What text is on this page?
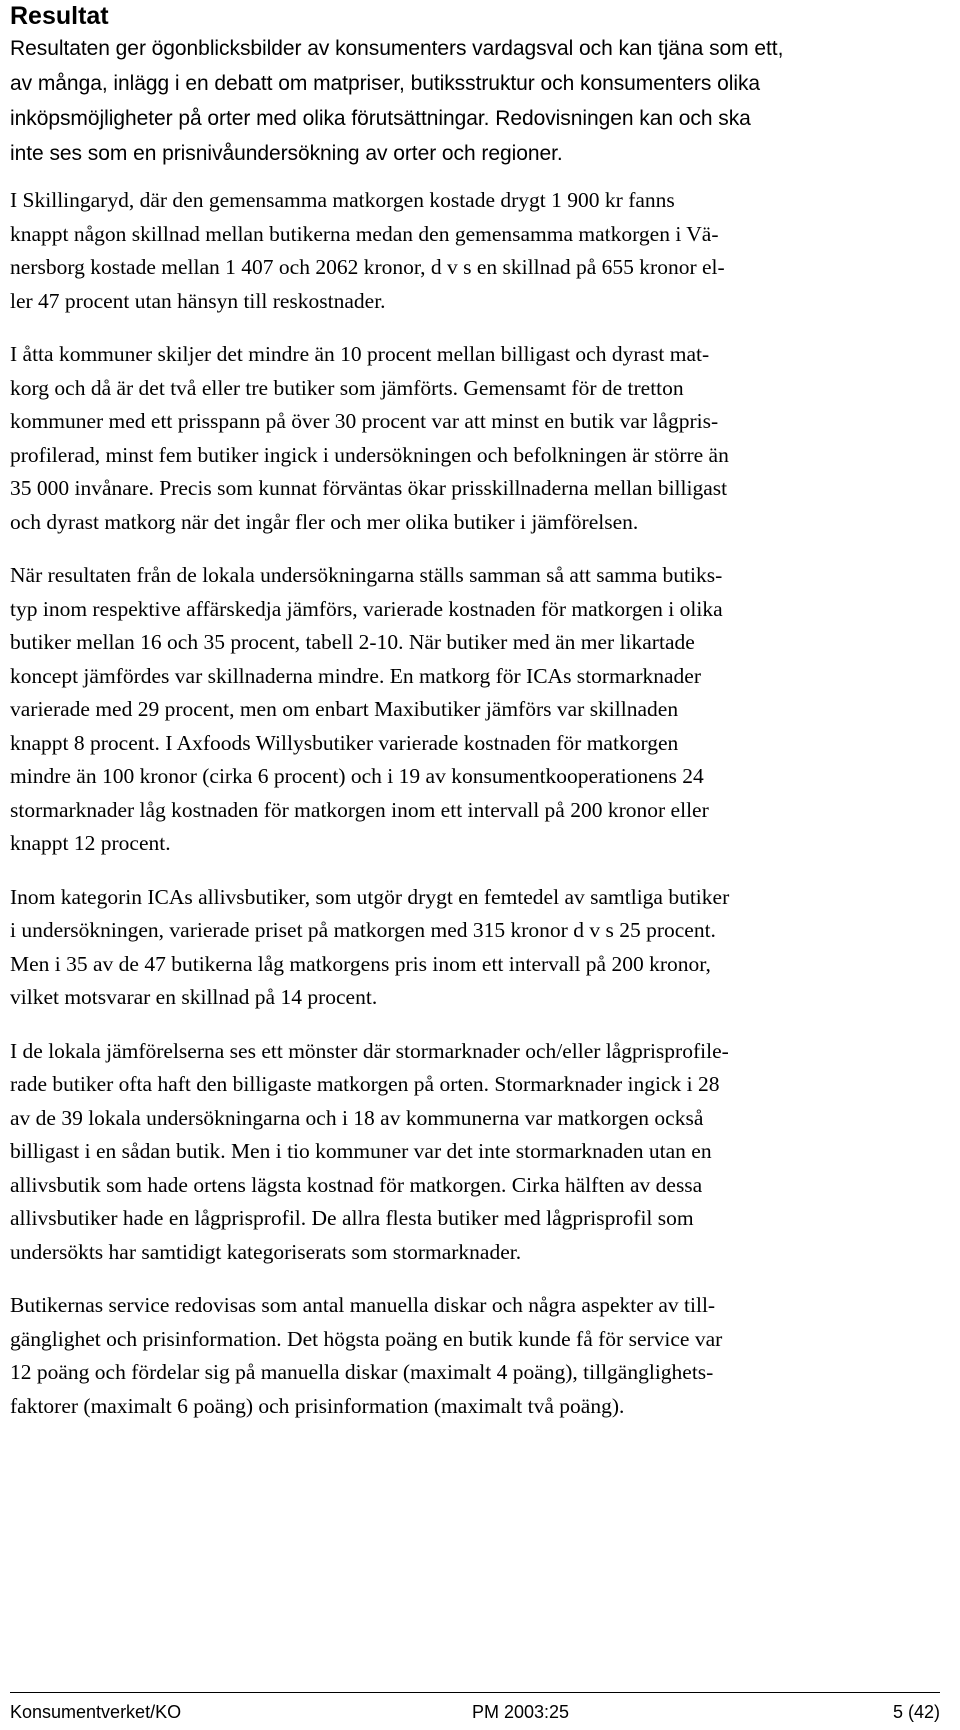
Resultat

Resultaten ger ögonblicksbilder av konsumenters vardagsval och kan tjäna som ett,
av många, inlägg i en debatt om matpriser, butiksstruktur och konsumenters olika
inköpsmöjligheter på orter med olika förutsättningar. Redovisningen kan och ska
inte ses som en prisnivåundersökning av orter och regioner.

I Skillingaryd, där den gemensamma matkorgen kostade drygt 1 900 kr fanns
knappt någon skillnad mellan butikerna medan den gemensamma matkorgen i Vä-
nersborg kostade mellan 1 407 och 2062 kronor, d v s en skillnad på 655 kronor el-
ler 47 procent utan hänsyn till reskostnader.

I åtta kommuner skiljer det mindre än 10 procent mellan billigast och dyrast mat-
korg och då är det två eller tre butiker som jämförts. Gemensamt för de tretton
kommuner med ett prisspann på över 30 procent var att minst en butik var lågpris-
profilerad, minst fem butiker ingick i undersökningen och befolkningen är större än
35 000 invånare. Precis som kunnat förväntas ökar prisskillnaderna mellan billigast
och dyrast matkorg när det ingår fler och mer olika butiker i jämförelsen.

När resultaten från de lokala undersökningarna ställs samman så att samma butiks-
typ inom respektive affärskedja jämförs, varierade kostnaden för matkorgen i olika
butiker mellan 16 och 35 procent, tabell 2-10. När butiker med än mer likartade
koncept jämfördes var skillnaderna mindre. En matkorg för ICAs stormarknader
varierade med 29 procent, men om enbart Maxibutiker jämförs var skillnaden
knappt 8 procent. I Axfoods Willysbutiker varierade kostnaden för matkorgen
mindre än 100 kronor (cirka 6 procent) och i 19 av konsumentkooperationens 24
stormarknader låg kostnaden för matkorgen inom ett intervall på 200 kronor eller
knappt 12 procent.

Inom kategorin ICAs allivsbutiker, som utgör drygt en femtedel av samtliga butiker
i undersökningen, varierade priset på matkorgen med 315 kronor d v s 25 procent.
Men i 35 av de 47 butikerna låg matkorgens pris inom ett intervall på 200 kronor,
vilket motsvarar en skillnad på 14 procent.

I de lokala jämförelserna ses ett mönster där stormarknader och/eller lågprisprofile-
rade butiker ofta haft den billigaste matkorgen på orten. Stormarknader ingick i 28
av de 39 lokala undersökningarna och i 18 av kommunerna var matkorgen också
billigast i en sådan butik. Men i tio kommuner var det inte stormarknaden utan en
allivsbutik som hade ortens lägsta kostnad för matkorgen. Cirka hälften av dessa
allivsbutiker hade en lågprisprofil. De allra flesta butiker med lågprisprofil som
undersökts har samtidigt kategoriserats som stormarknader.

Butikernas service redovisas som antal manuella diskar och några aspekter av till-
gänglighet och prisinformation. Det högsta poäng en butik kunde få för service var
12 poäng och fördelar sig på manuella diskar (maximalt 4 poäng), tillgänglighets-
faktorer (maximalt 6 poäng) och prisinformation (maximalt två poäng).

Konsumentverket/KO	PM 2003:25	5 (42)
